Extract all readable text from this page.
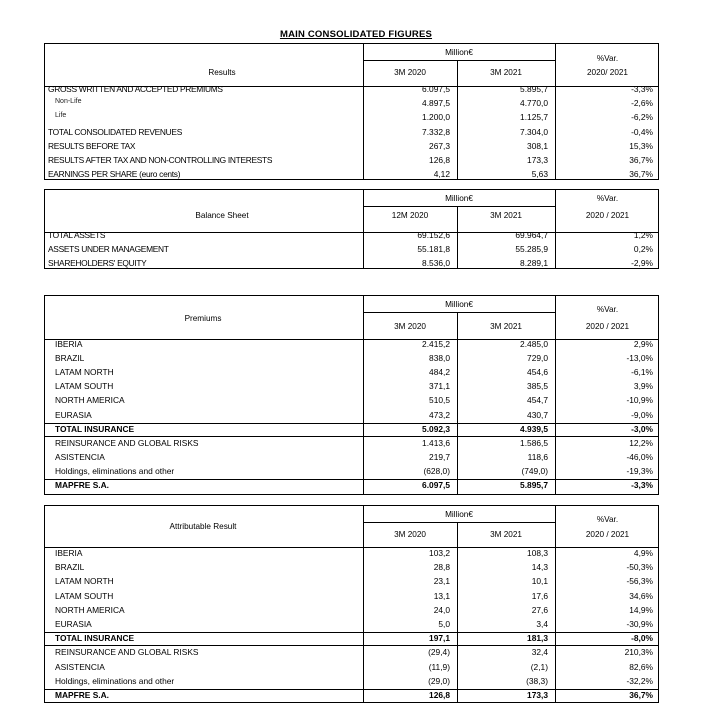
MAIN CONSOLIDATED FIGURES
Results
Million€
%Var.
3M 2020	3M 2021	2020/ 2021
GROSS WRITTEN AND ACCEPTED PREMIUMS	6.097,5	5.895,7	-3,3%
Non-Life	4.897,5	4.770,0	-2,6%
Life	1.200,0	1.125,7	-6,2%
TOTAL CONSOLIDATED REVENUES	7.332,8	7.304,0	-0,4%
RESULTS BEFORE TAX	267,3	308,1	15,3%
RESULTS AFTER TAX AND NON-CONTROLLING INTERESTS	126,8	173,3	36,7%
EARNINGS PER SHARE (euro cents)	4,12	5,63	36,7%
Balance Sheet
Million€	%Var.
12M 2020	3M 2021	2020 / 2021
TOTAL ASSETS	69.152,6	69.964,7	1,2%
ASSETS UNDER MANAGEMENT	55.181,8	55.285,9	0,2%
SHAREHOLDERS' EQUITY	8.536,0	8.289,1	-2,9%
Premiums
Million€
%Var.
3M 2020	3M 2021	2020 / 2021
IBERIA	2.415,2	2.485,0	2,9%
BRAZIL	838,0	729,0	-13,0%
LATAM NORTH	484,2	454,6	-6,1%
LATAM SOUTH	371,1	385,5	3,9%
NORTH AMERICA	510,5	454,7	-10,9%
EURASIA	473,2	430,7	-9,0%
TOTAL INSURANCE	5.092,3	4.939,5	-3,0%
REINSURANCE AND GLOBAL RISKS	1.413,6	1.586,5	12,2%
ASISTENCIA	219,7	118,6	-46,0%
Holdings, eliminations and other	(628,0)	(749,0)	-19,3%
MAPFRE S.A.	6.097,5	5.895,7	-3,3%
Attributable Result
Million€
%Var.
3M 2020	3M 2021	2020 / 2021
IBERIA	103,2	108,3	4,9%
BRAZIL	28,8	14,3	-50,3%
LATAM NORTH	23,1	10,1	-56,3%
LATAM SOUTH	13,1	17,6	34,6%
NORTH AMERICA	24,0	27,6	14,9%
EURASIA	5,0	3,4	-30,9%
TOTAL INSURANCE	197,1	181,3	-8,0%
REINSURANCE AND GLOBAL RISKS	(29,4)	32,4	210,3%
ASISTENCIA	(11,9)	(2,1)	82,6%
Holdings, eliminations and other	(29,0)	(38,3)	-32,2%
MAPFRE S.A.	126,8	173,3	36,7%
